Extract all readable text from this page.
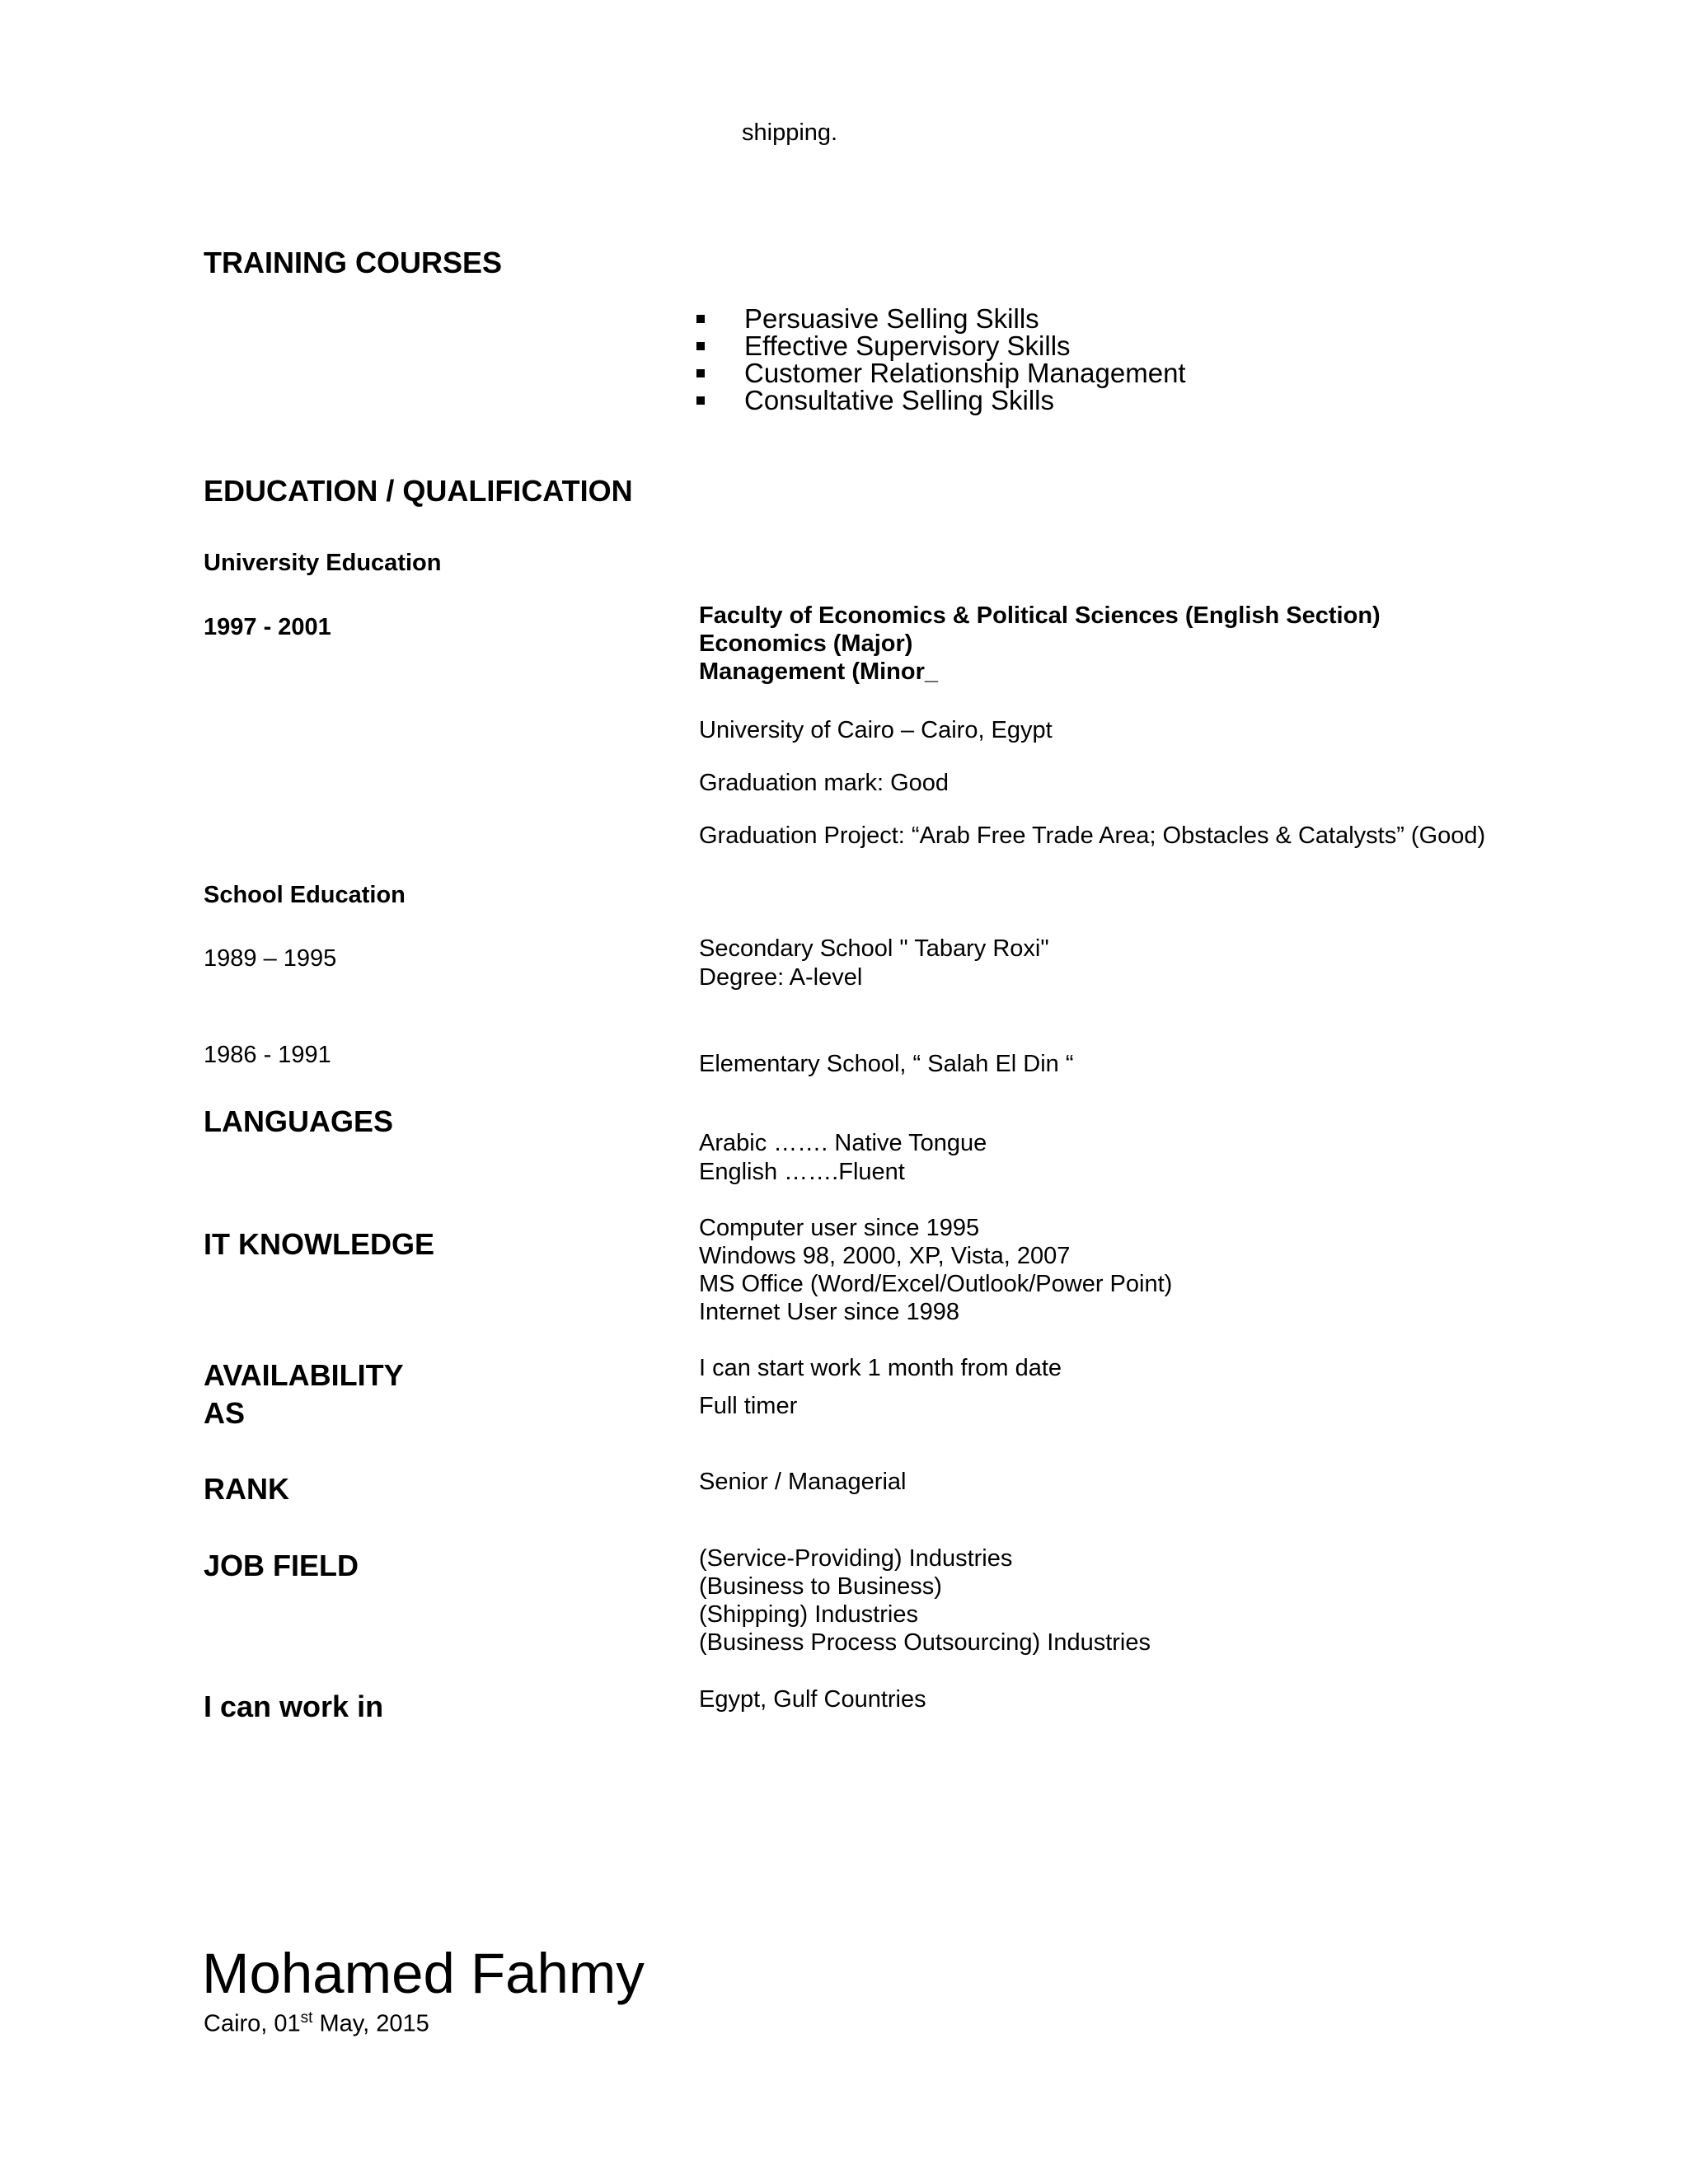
shipping.
TRAINING COURSES
Persuasive Selling Skills
Effective Supervisory Skills
Customer Relationship Management
Consultative Selling Skills
EDUCATION / QUALIFICATION
University Education
1997 - 2001	Faculty of Economics & Political Sciences (English Section)
Economics (Major)
Management (Minor_
University of Cairo – Cairo, Egypt
Graduation mark: Good
Graduation Project: “Arab Free Trade Area; Obstacles & Catalysts” (Good)
School Education
1989 – 1995	Secondary School " Tabary Roxi"
Degree: A-level
1986 - 1991	Elementary School, “ Salah El Din “
LANGUAGES
Arabic ……. Native Tongue
English …….Fluent
IT KNOWLEDGE	Computer user since 1995
Windows 98, 2000, XP, Vista, 2007
MS Office (Word/Excel/Outlook/Power Point)
Internet User since 1998
AVAILABILITY	I can start work 1 month from date
AS	Full timer
RANK	Senior / Managerial
JOB FIELD	(Service-Providing) Industries
(Business to Business)
(Shipping) Industries
(Business Process Outsourcing) Industries
I can work in	Egypt, Gulf Countries
Mohamed Fahmy
Cairo, 01st May, 2015
